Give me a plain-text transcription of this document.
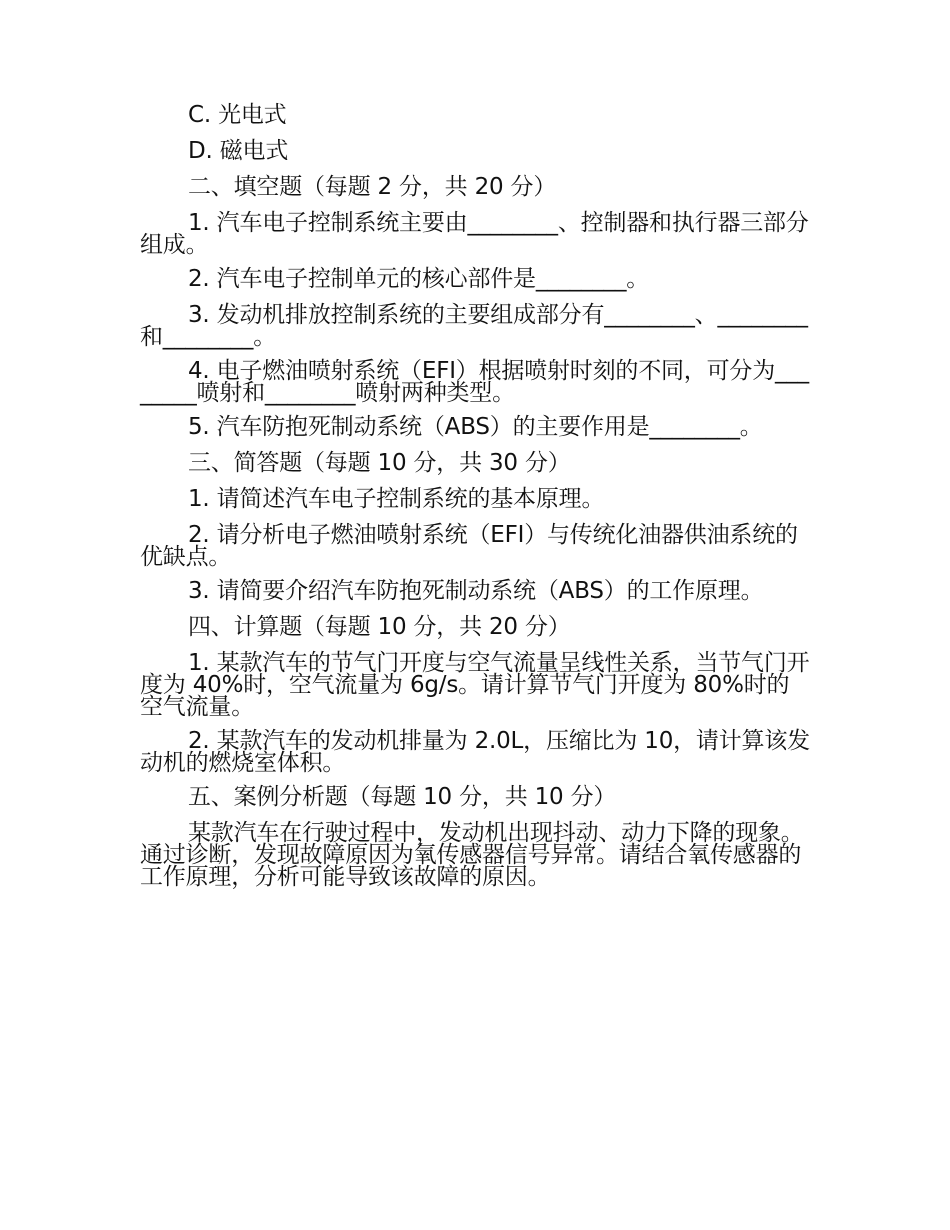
C. 光电式

D. 磁电式

二、填空题（每题 2 分，共 20 分）

1. 汽车电子控制系统主要由________、控制器和执行器三部分组成。

2. 汽车电子控制单元的核心部件是________。

3. 发动机排放控制系统的主要组成部分有________、________和________。

4. 电子燃油喷射系统（EFI）根据喷射时刻的不同，可分为________喷射和________喷射两种类型。

5. 汽车防抱死制动系统（ABS）的主要作用是________。

三、简答题（每题 10 分，共 30 分）

1. 请简述汽车电子控制系统的基本原理。

2. 请分析电子燃油喷射系统（EFI）与传统化油器供油系统的优缺点。

3. 请简要介绍汽车防抱死制动系统（ABS）的工作原理。

四、计算题（每题 10 分，共 20 分）

1. 某款汽车的节气门开度与空气流量呈线性关系，当节气门开度为 40%时，空气流量为 6g/s。请计算节气门开度为 80%时的空气流量。

2. 某款汽车的发动机排量为 2.0L，压缩比为 10，请计算该发动机的燃烧室体积。

五、案例分析题（每题 10 分，共 10 分）

某款汽车在行驶过程中，发动机出现抖动、动力下降的现象。通过诊断，发现故障原因为氧传感器信号异常。请结合氧传感器的工作原理，分析可能导致该故障的原因。
